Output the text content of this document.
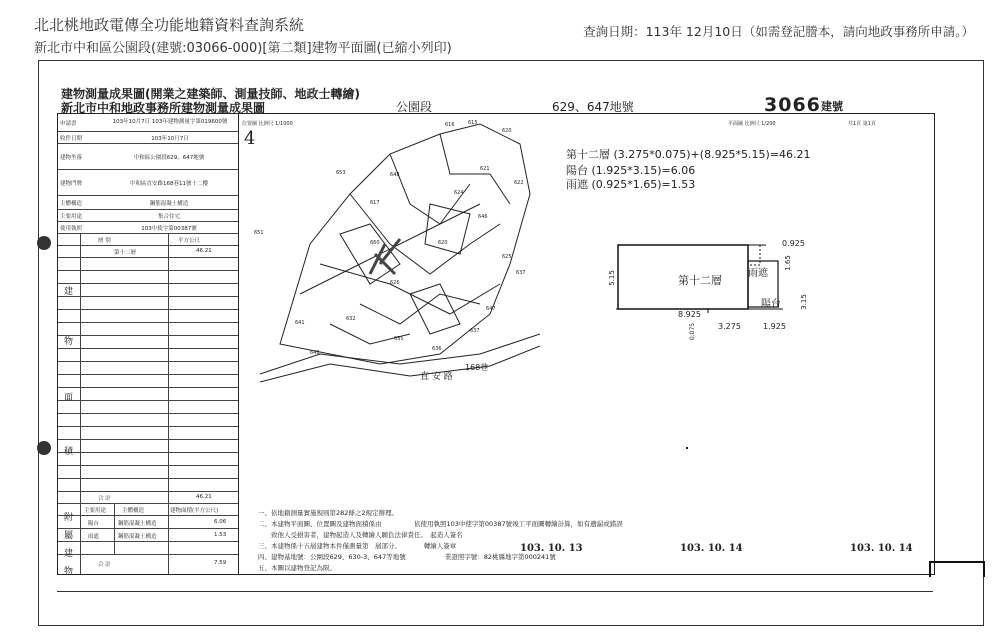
北北桃地政電傳全功能地籍資料查詢系統
新北市中和區公園段(建號:03066-000)[第二類]建物平面圖(已縮小列印)
查詢日期：113年 12月10日（如需登記謄本，請向地政事務所申請。）
建物測量成果圖(開業之建築師、測量技師、地政士轉繪)
新北市中和地政事務所建物測量成果圖	公園段	629、647地號	3066 建號
申請書	103年10月7日 103年建物測量字第019600號
收件日期	103年10月7日
建物坐落	中和區公園段629、647地號
建物門牌	中和區直安路168巷11號十二樓
主體構造	鋼筋混凝土構造
主要用途	集合住宅
使用執照	103中使字第00387號
層 別	平方公尺
第十二層	46.21
合 計	46.21
建
物
面
積
主要用途	主體構造	建物面積(平方公尺)
陽台	鋼筋混凝土構造	6.06
雨遮	鋼筋混凝土構造	1.53
合 計	7.59
附
屬
建
物
位置圖 比例尺 1/1000
4
616	615
620
621
617
624
622
620
626
625
637
632
641
635
636
637
651
653	648
646
647
660
648
直 安 路
168巷
平面圖 比例尺 1/200	共1頁 第1頁
第十二層 (3.275*0.075)+(8.925*5.15)=46.21
陽台 (1.925*3.15)=6.06
雨遮 (0.925*1.65)=1.53
第十二層
雨遮
陽台
0.925
1.65
5.15
3.15
8.925
3.275	1.925
0.075
一、依地籍測量實施規則第282條之2規定辦理。
二、本建物平面圖、位置圖及建物面積係由　　　　　依使用執照103中使字第00387號竣工平面圖轉繪計算，如有遺漏或錯誤
　　致他人受損害者，建物起造人及轉繪人願負法律責任。　起造人簽名
三、本建物係十五層建物本件僅測量第　層部分。　　　　轉繪人簽章
四、建物基地號：公園段629、630-3、647等地號　　　　　　業證照字號：82桃縣地字第000241號
五、本圖以建物登記為限。
103. 10. 13	103. 10. 14	103. 10. 14
